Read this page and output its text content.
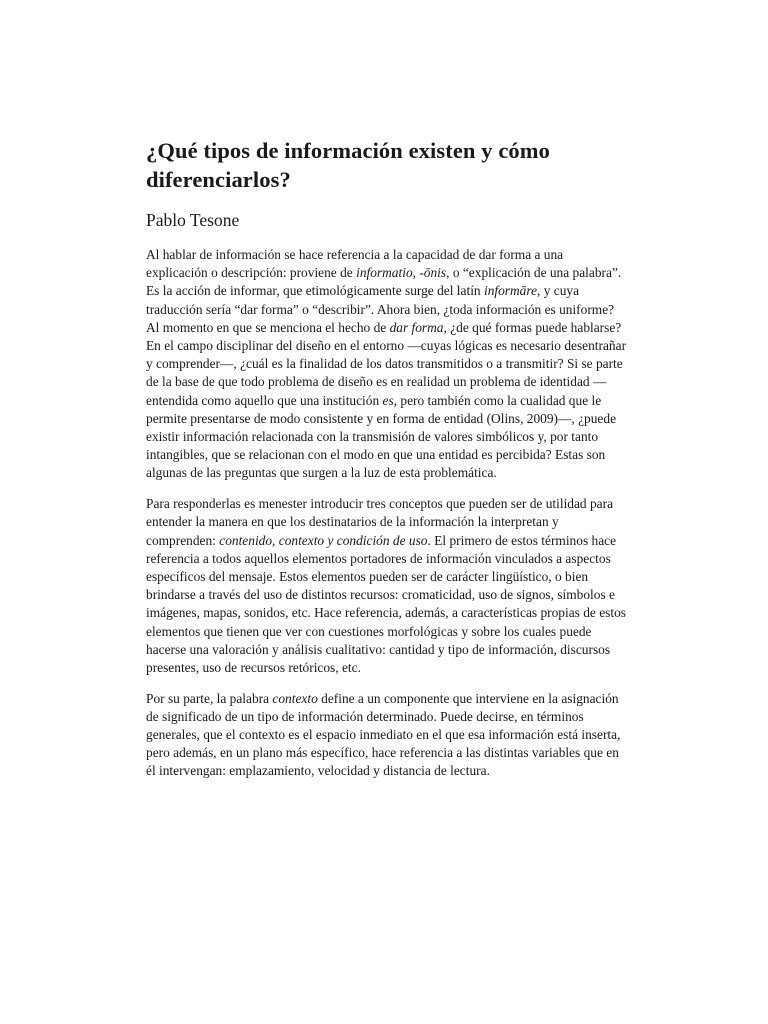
¿Qué tipos de información existen y cómo diferenciarlos?
Pablo Tesone

Al hablar de información se hace referencia a la capacidad de dar forma a una explicación o descripción: proviene de informatio, -ōnis, o “explicación de una palabra”. Es la acción de informar, que etimológicamente surge del latín informāre, y cuya traducción sería “dar forma” o “describir”. Ahora bien, ¿toda información es uniforme? Al momento en que se menciona el hecho de dar forma, ¿de qué formas puede hablarse? En el campo disciplinar del diseño en el entorno —cuyas lógicas es necesario desentrañar y comprender—, ¿cuál es la finalidad de los datos transmitidos o a transmitir? Si se parte de la base de que todo problema de diseño es en realidad un problema de identidad —entendida como aquello que una institución es, pero también como la cualidad que le permite presentarse de modo consistente y en forma de entidad (Olins, 2009)—, ¿puede existir información relacionada con la transmisión de valores simbólicos y, por tanto intangibles, que se relacionan con el modo en que una entidad es percibida? Estas son algunas de las preguntas que surgen a la luz de esta problemática.

Para responderlas es menester introducir tres conceptos que pueden ser de utilidad para entender la manera en que los destinatarios de la información la interpretan y comprenden: contenido, contexto y condición de uso. El primero de estos términos hace referencia a todos aquellos elementos portadores de información vinculados a aspectos específicos del mensaje. Estos elementos pueden ser de carácter lingüístico, o bien brindarse a través del uso de distintos recursos: cromaticidad, uso de signos, símbolos e imágenes, mapas, sonidos, etc. Hace referencia, además, a características propias de estos elementos que tienen que ver con cuestiones morfológicas y sobre los cuales puede hacerse una valoración y análisis cualitativo: cantidad y tipo de información, discursos presentes, uso de recursos retóricos, etc.

Por su parte, la palabra contexto define a un componente que interviene en la asignación de significado de un tipo de información determinado. Puede decirse, en términos generales, que el contexto es el espacio inmediato en el que esa información está inserta, pero además, en un plano más específico, hace referencia a las distintas variables que en él intervengan: emplazamiento, velocidad y distancia de lectura.
